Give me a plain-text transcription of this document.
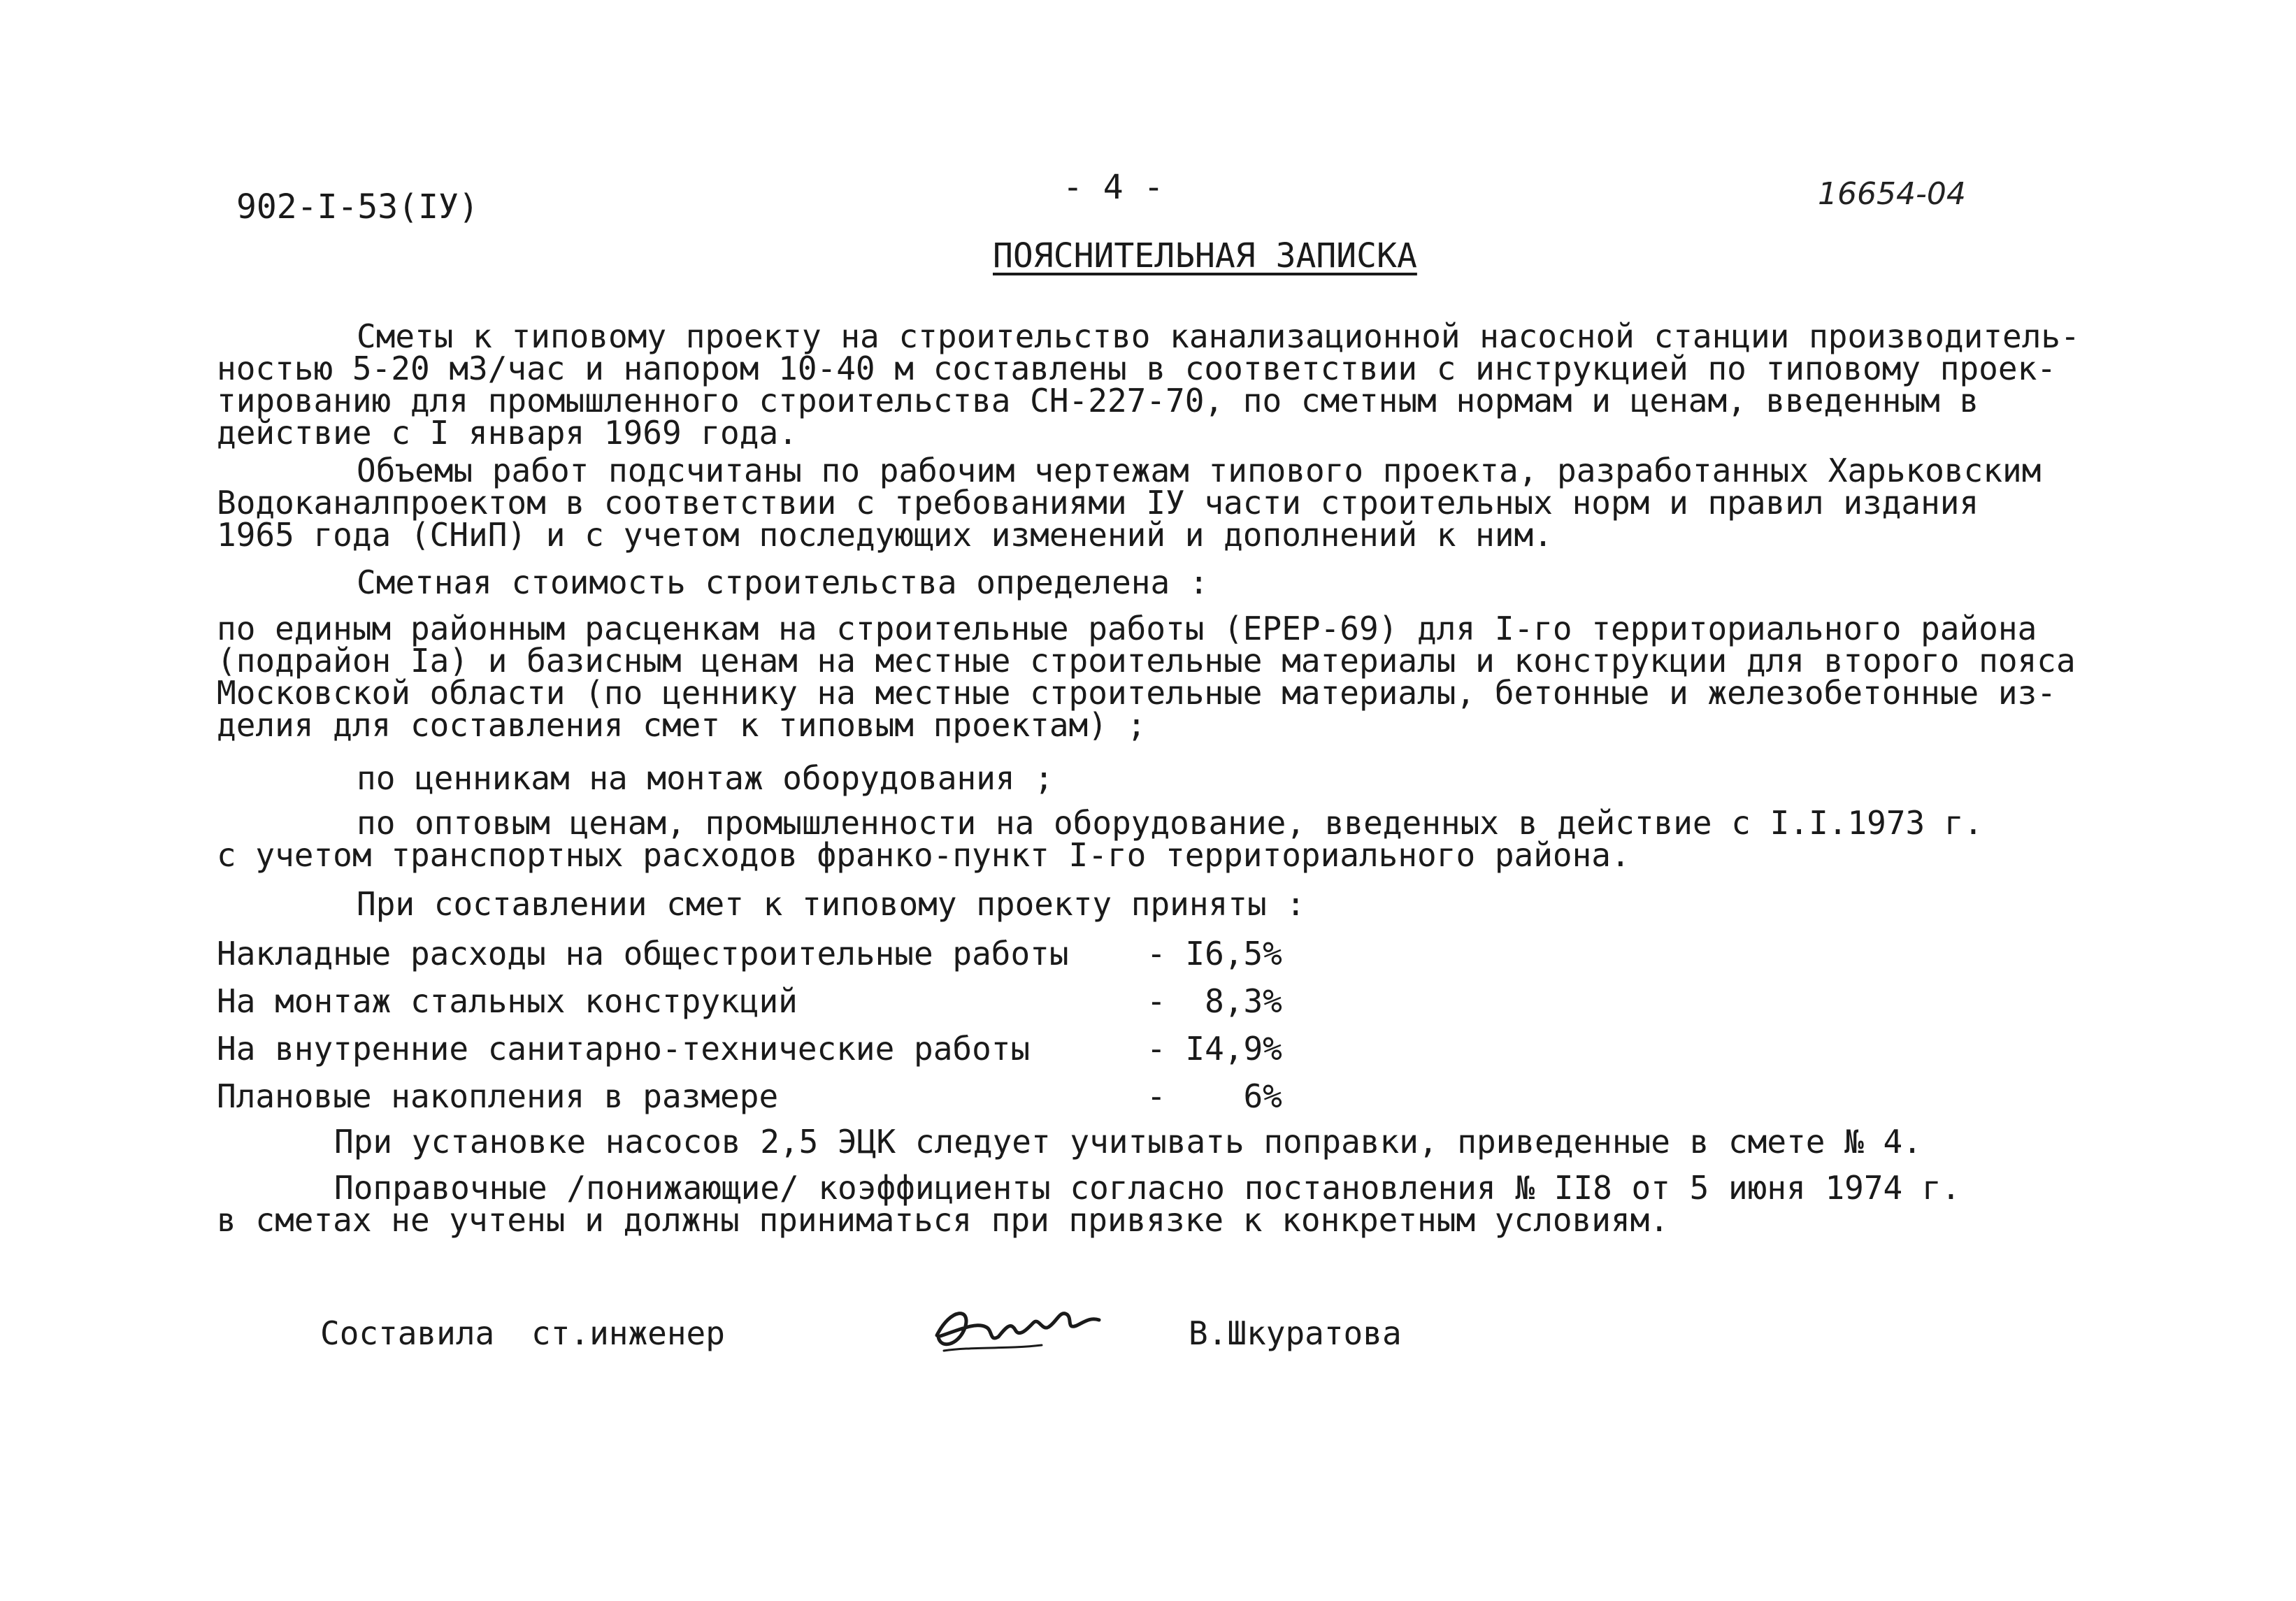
902-I-53(IУ)	- 4 -	16654-04
ПОЯСНИТЕЛЬНАЯ ЗАПИСКА
Сметы к типовому проекту на строительство канализационной насосной станции производитель-
ностью 5-20 м3/час и напором 10-40 м составлены в соответствии с инструкцией по типовому проек-
тированию для промышленного строительства СН-227-70, по сметным нормам и ценам, введенным в
действие с I января 1969 года.
Объемы работ подсчитаны по рабочим чертежам типового проекта, разработанных Харьковским
Водоканалпроектом в соответствии с требованиями IУ части строительных норм и правил издания
1965 года (СНиП) и с учетом последующих изменений и дополнений к ним.
Сметная стоимость строительства определена :
по единым районным расценкам на строительные работы (ЕРЕР-69) для I-го территориального района
(подрайон Iа) и базисным ценам на местные строительные материалы и конструкции для второго пояса
Московской области (по ценнику на местные строительные материалы, бетонные и железобетонные из-
делия для составления смет к типовым проектам) ;
по ценникам на монтаж оборудования ;
по оптовым ценам, промышленности на оборудование, введенных в действие с I.I.1973 г.
с учетом транспортных расходов франко-пункт I-го территориального района.
При составлении смет к типовому проекту приняты :
Накладные расходы на общестроительные работы - I6,5%
На монтаж стальных конструкций	-  8,3%
На внутренние санитарно-технические работы	- I4,9%
Плановые накопления в размере	-    6%
При установке насосов 2,5 ЭЦК следует учитывать поправки, приведенные в смете № 4.
Поправочные /понижающие/ коэффициенты согласно постановления № II8 от 5 июня 1974 г.
в сметах не учтены и должны приниматься при привязке к конкретным условиям.
Составила ст.инженер	В.Шкуратова
